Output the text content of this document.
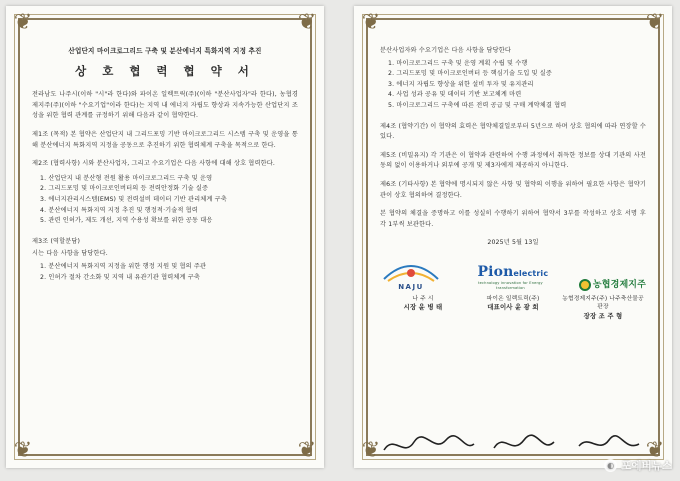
❦	❦
❦	❦
산업단지 마이크로그리드 구축 및 분산에너지 특화지역 지정 추진
상 호 협 력 협 약 서
전라남도 나주시(이하 "시"라 한다)와 파이온 일렉트릭(주)(이하 "분산사업자"라 한다), 농협경제지주(주)(이하 "수요기업"이라 한다)는 지역 내 에너지 자립도 향상과 지속가능한 산업단지 조성을 위한 협력 관계를 규정하기 위해 다음과 같이 협약한다.
제1조 (목적) 본 협약은 산업단지 내 그리드포밍 기반 마이크로그리드 시스템 구축 및 운영을 통해 분산에너지 특화지역 지정을 공동으로 추진하기 위한 협력체계 구축을 목적으로 한다.
제2조 (협력사항) 시와 분산사업자, 그리고 수요기업은 다음 사항에 대해 상호 협력한다.
1. 산업단지 내 분산형 전원 활용 마이크로그리드 구축 및 운영
2. 그리드포밍 및 마이크로인버터의 등 전력안정화 기술 실증
3. 에너지관리시스템(EMS) 및 전력설비 데이터 기반 관리체계 구축
4. 분산에너지 특화지역 지정 추진 및 행정적·기술적 협력
5. 관련 인허가, 제도 개선, 지역 수용성 확보를 위한 공동 대응
제3조 (역할분담)
시는 다음 사항을 담당한다.
1. 분산에너지 특화지역 지정을 위한 행정 지원 및 협의 주관
2. 인허가 절차 간소화 및 지역 내 유관기관 협력체계 구축
❦	❦
❦	❦
분산사업자와 수요기업은 다음 사항을 담당한다
1. 마이크로그리드 구축 및 운영 계획 수립 및 수행
2. 그리드포밍 및 마이크로인버터 등 핵심기술 도입 및 실증
3. 에너지 자립도 향상을 위한 설비 투자 및 유지관리
4. 사업 성과 공유 및 데이터 기반 보고체계 마련
5. 마이크로그리드 구축에 따른 전력 공급 및 구매 계약체결 협력
제4조 (협약기간) 이 협약의 효력은 협약체결일로부터 5년으로 하며 상호 협의에 따라 연장할 수 있다.
제5조 (비밀유지) 각 기관은 이 협약과 관련하여 수행 과정에서 취득한 정보를 상대 기관의 사전 동의 없이 이용하거나 외부에 공개 및 제3자에게 제공하지 아니한다.
제6조 (기타사항) 본 협약에 명시되지 않은 사항 및 협약의 이행을 위하여 필요한 사항은 협약기관이 상호 협의하여 결정한다.
본 협약의 체결을 증명하고 이를 성실히 수행하기 위하여 협약서 3부를 작성하고 상호 서명 후 각 1부씩 보관한다.
2025년 5월 13일
NAJU
Pionelectric
technology innovation for Energy transformation	농협경제지주
나 주 시
시장 윤 병 태
파이온 일렉트릭(주)
대표이사 윤 광 희
농협경제지주(주) 나주축산물공판장
장장 조 주 형
◐ 포에버뉴스
